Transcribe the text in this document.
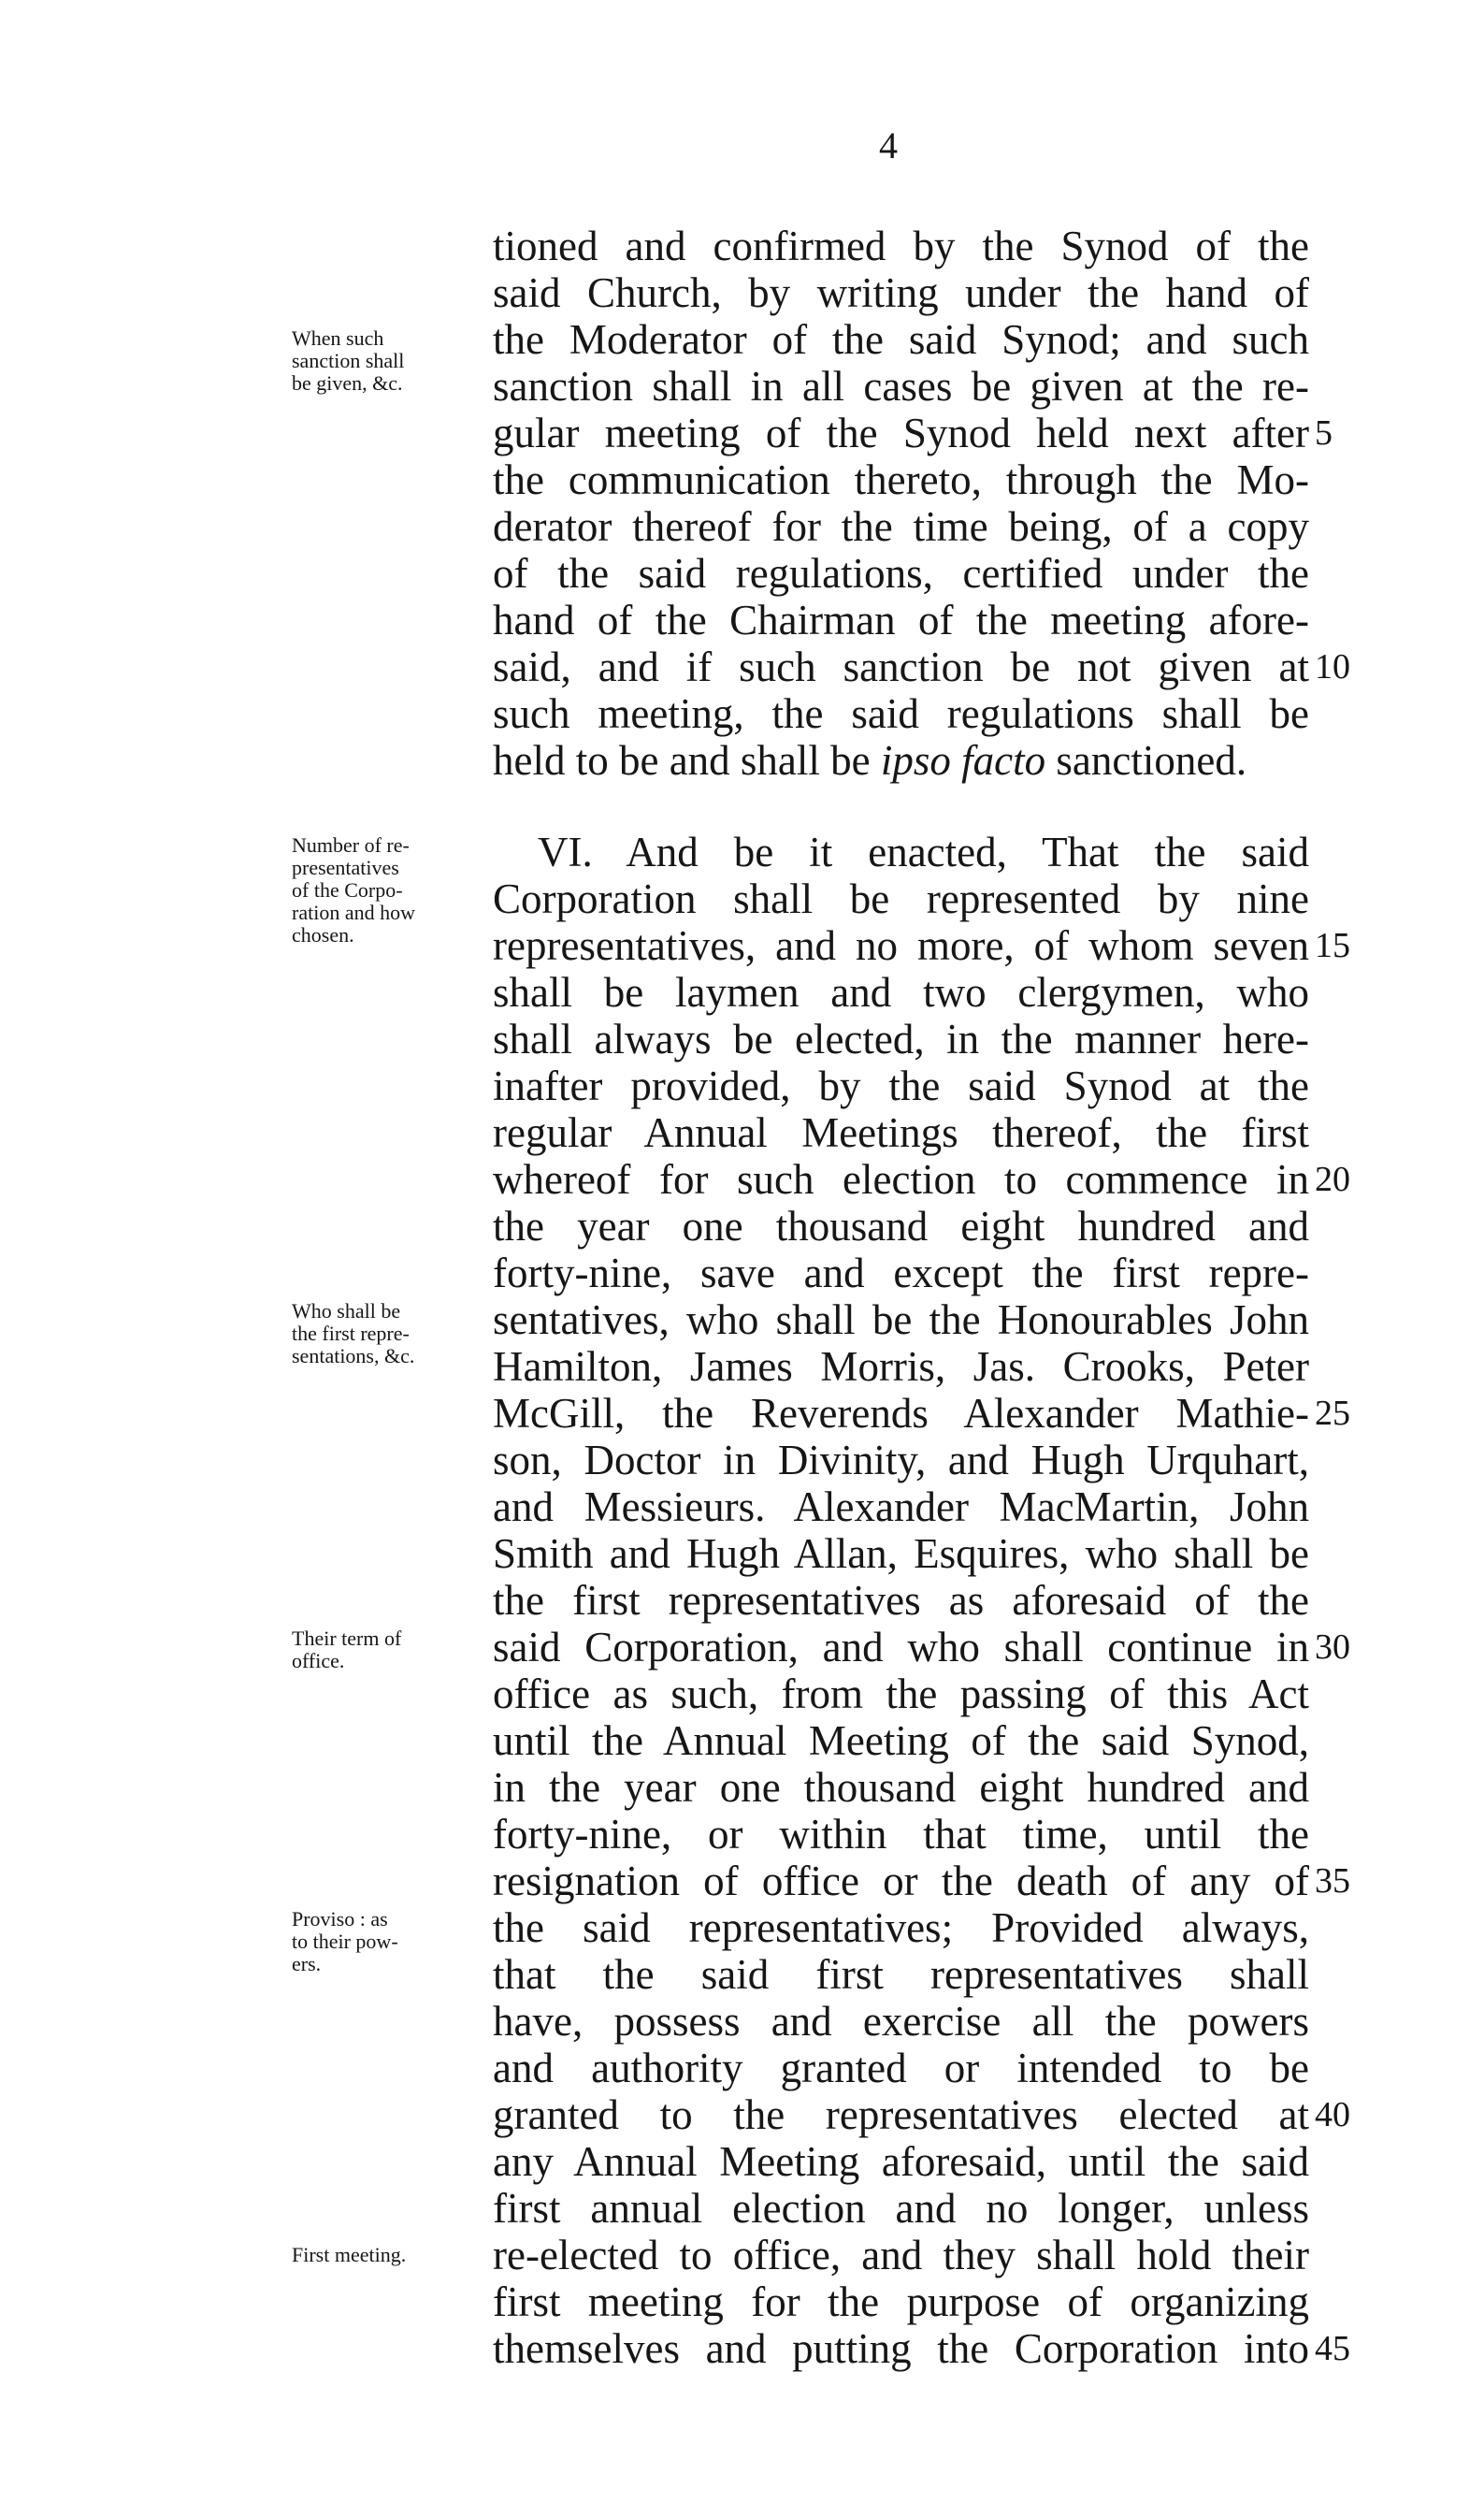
4
tioned and confirmed by the Synod of the
said Church, by writing under the hand of
the Moderator of the said Synod; and such
sanction shall in all cases be given at the re-
gular meeting of the Synod held next after
the communication thereto, through the Mo-
derator thereof for the time being, of a copy
of the said regulations, certified under the
hand of the Chairman of the meeting afore-
said, and if such sanction be not given at
such meeting, the said regulations shall be
held to be and shall be ipso facto sanctioned.
VI. And be it enacted, That the said
Corporation shall be represented by nine
representatives, and no more, of whom seven
shall be laymen and two clergymen, who
shall always be elected, in the manner here-
inafter provided, by the said Synod at the
regular Annual Meetings thereof, the first
whereof for such election to commence in
the year one thousand eight hundred and
forty-nine, save and except the first repre-
sentatives, who shall be the Honourables John
Hamilton, James Morris, Jas. Crooks, Peter
McGill, the Reverends Alexander Mathie-
son, Doctor in Divinity, and Hugh Urquhart,
and Messieurs. Alexander MacMartin, John
Smith and Hugh Allan, Esquires, who shall be
the first representatives as aforesaid of the
said Corporation, and who shall continue in
office as such, from the passing of this Act
until the Annual Meeting of the said Synod,
in the year one thousand eight hundred and
forty-nine, or within that time, until the
resignation of office or the death of any of
the said representatives; Provided always,
that the said first representatives shall
have, possess and exercise all the powers
and authority granted or intended to be
granted to the representatives elected at
any Annual Meeting aforesaid, until the said
first annual election and no longer, unless
re-elected to office, and they shall hold their
first meeting for the purpose of organizing
themselves and putting the Corporation into
5
10
15
20
25
30
35
40
45
When such
sanction shall
be given, &c.
Number of re-
presentatives
of the Corpo-
ration and how
chosen.
Who shall be
the first repre-
sentations, &c.
Their term of
office.
Proviso : as
to their pow-
ers.
First meeting.
